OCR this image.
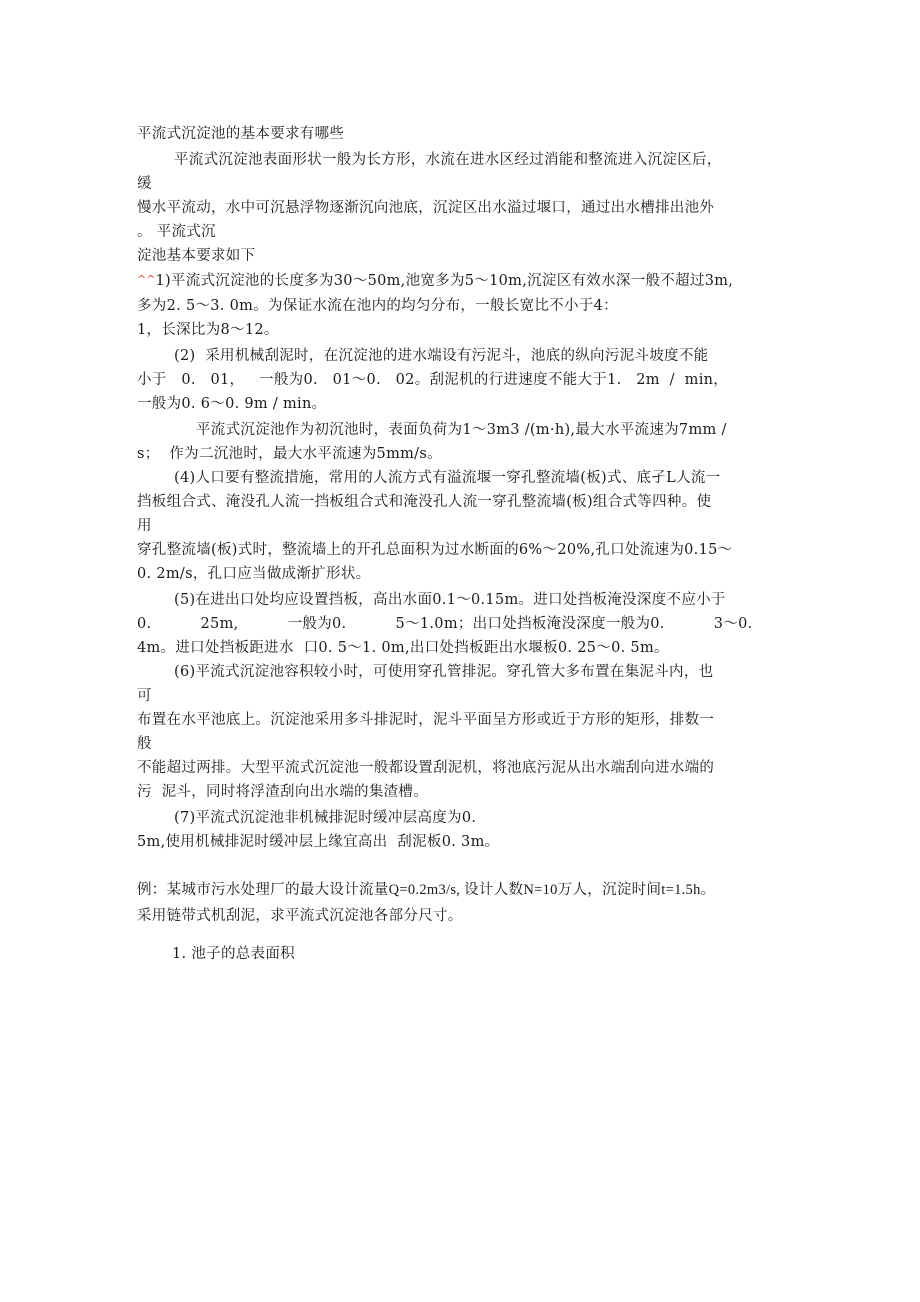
平流式沉淀池的基本要求有哪些

平流式沉淀池表面形状一般为长方形，水流在进水区经过消能和整流进入沉淀区后，

缓

慢水平流动，水中可沉悬浮物逐渐沉向池底，沉淀区出水溢过堰口，通过出水槽排出池外

。 平流式沉

淀池基本要求如下

^^1)平流式沉淀池的长度多为30～50m,池宽多为5～10m,沉淀区有效水深一般不超过3m,

多为2. 5～3. 0m。为保证水流在池内的均匀分布，一般长宽比不小于4：

1，长深比为8～12。

(2)  采用机械刮泥时，在沉淀池的进水端设有污泥斗，池底的纵向污泥斗坡度不能

小于   0.   01，   一般为0.   01～0.   02。刮泥机的行进速度不能大于1.   2m  /  min，

一般为0. 6～0. 9m / min。

平流式沉淀池作为初沉池时，表面负荷为1～3m3 /(m·h),最大水平流速为7mm /

s；  作为二沉池时，最大水平流速为5mm/s。

(4)人口要有整流措施，常用的人流方式有溢流堰一穿孔整流墙(板)式、底孑L人流一

挡板组合式、淹没孔人流一挡板组合式和淹没孔人流一穿孔整流墙(板)组合式等四种。使

用

穿孔整流墙(板)式时，整流墙上的开孔总面积为过水断面的6%～20%,孔口处流速为0.15～

0. 2m/s，孔口应当做成渐扩形状。

(5)在进出口处均应设置挡板，高出水面0.1～0.15m。进口处挡板淹没深度不应小于

0.          25m,          一般为0.          5～1.0m；出口处挡板淹没深度一般为0.          3～0.

4m。进口处挡板距进水  口0. 5～1. 0m,出口处挡板距出水堰板0. 25～0. 5m。

(6)平流式沉淀池容积较小时，可使用穿孔管排泥。穿孔管大多布置在集泥斗内，也

可

布置在水平池底上。沉淀池采用多斗排泥时，泥斗平面呈方形或近于方形的矩形，排数一

般

不能超过两排。大型平流式沉淀池一般都设置刮泥机，将池底污泥从出水端刮向进水端的

污  泥斗，同时将浮渣刮向出水端的集渣槽。

(7)平流式沉淀池非机械排泥时缓冲层高度为0.

5m,使用机械排泥时缓冲层上缘宜高出  刮泥板0. 3m。

例：某城市污水处理厂的最大设计流量Q=0.2m3/s, 设计人数N=10万人，沉淀时间t=1.5h。

采用链带式机刮泥，求平流式沉淀池各部分尺寸。

1. 池子的总表面积
